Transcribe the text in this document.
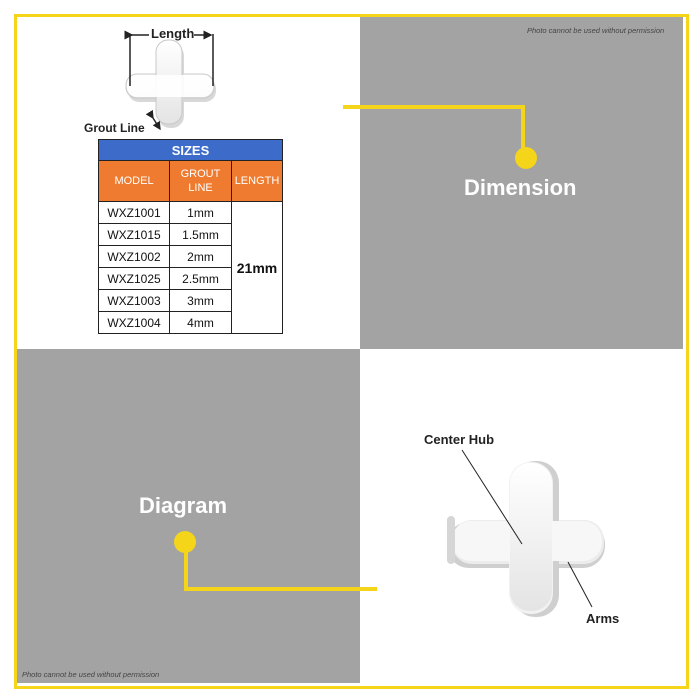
Photo cannot be used without permission
Photo cannot be used without permission
Length
Grout Line
SIZES		
MODEL	GROUT LINE	LENGTH
WXZ1001	1mm	21mm
WXZ1015	1.5mm	
WXZ1002	2mm	
WXZ1025	2.5mm	
WXZ1003	3mm	
WXZ1004	4mm	
Dimension
Diagram
Center Hub
Arms
